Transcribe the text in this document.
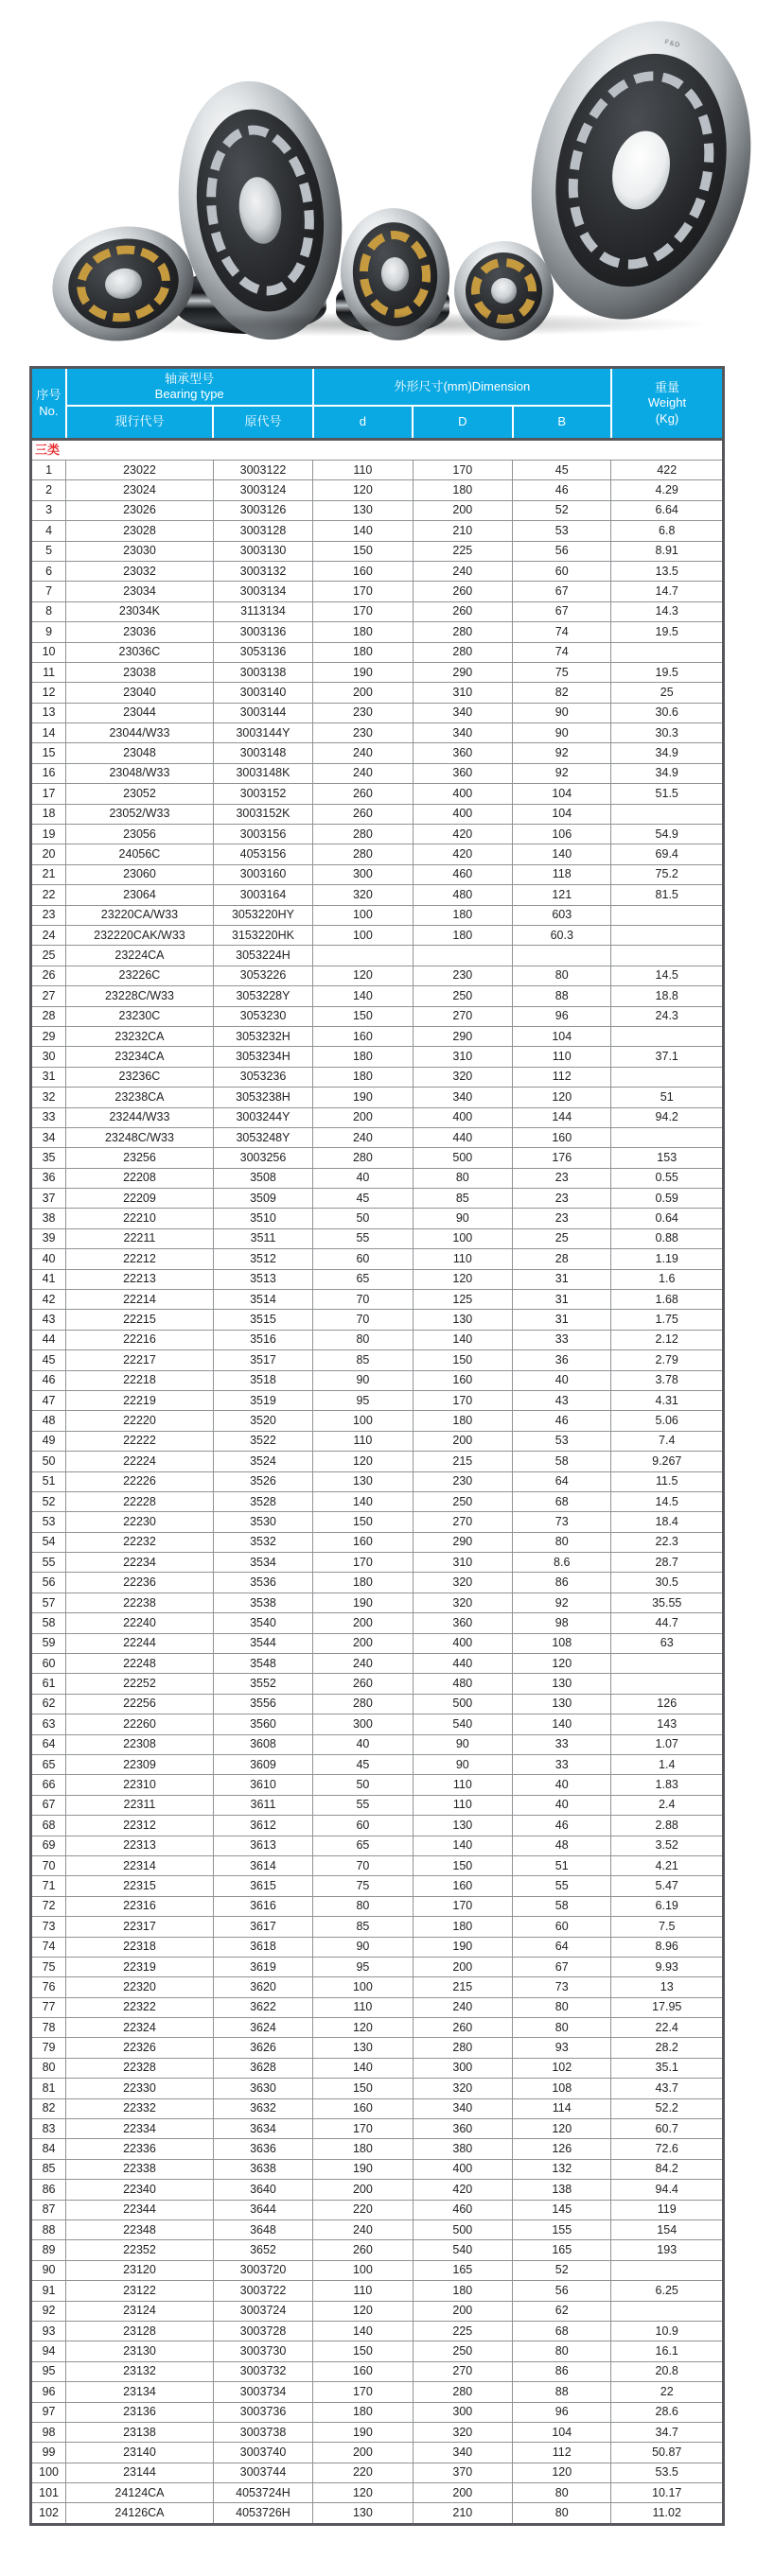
F&D
序号
No.	轴承型号
Bearing type		外形尺寸(mm)Dimension			重量
Weight
(Kg)

	现行代号	原代号	d	D	B	
三类						
1	23022	3003122	110	170	45	422
2	23024	3003124	120	180	46	4.29
3	23026	3003126	130	200	52	6.64
4	23028	3003128	140	210	53	6.8
5	23030	3003130	150	225	56	8.91
6	23032	3003132	160	240	60	13.5
7	23034	3003134	170	260	67	14.7
8	23034K	3113134	170	260	67	14.3
9	23036	3003136	180	280	74	19.5
10	23036C	3053136	180	280	74	
11	23038	3003138	190	290	75	19.5
12	23040	3003140	200	310	82	25
13	23044	3003144	230	340	90	30.6
14	23044/W33	3003144Y	230	340	90	30.3
15	23048	3003148	240	360	92	34.9
16	23048/W33	3003148K	240	360	92	34.9
17	23052	3003152	260	400	104	51.5
18	23052/W33	3003152K	260	400	104	
19	23056	3003156	280	420	106	54.9
20	24056C	4053156	280	420	140	69.4
21	23060	3003160	300	460	118	75.2
22	23064	3003164	320	480	121	81.5
23	23220CA/W33	3053220HY	100	180	603	
24	232220CAK/W33	3153220HK	100	180	60.3	
25	23224CA	3053224H				
26	23226C	3053226	120	230	80	14.5
27	23228C/W33	3053228Y	140	250	88	18.8
28	23230C	3053230	150	270	96	24.3
29	23232CA	3053232H	160	290	104	
30	23234CA	3053234H	180	310	110	37.1
31	23236C	3053236	180	320	112	
32	23238CA	3053238H	190	340	120	51
33	23244/W33	3003244Y	200	400	144	94.2
34	23248C/W33	3053248Y	240	440	160	
35	23256	3003256	280	500	176	153
36	22208	3508	40	80	23	0.55
37	22209	3509	45	85	23	0.59
38	22210	3510	50	90	23	0.64
39	22211	3511	55	100	25	0.88
40	22212	3512	60	110	28	1.19
41	22213	3513	65	120	31	1.6
42	22214	3514	70	125	31	1.68
43	22215	3515	70	130	31	1.75
44	22216	3516	80	140	33	2.12
45	22217	3517	85	150	36	2.79
46	22218	3518	90	160	40	3.78
47	22219	3519	95	170	43	4.31
48	22220	3520	100	180	46	5.06
49	22222	3522	110	200	53	7.4
50	22224	3524	120	215	58	9.267
51	22226	3526	130	230	64	11.5
52	22228	3528	140	250	68	14.5
53	22230	3530	150	270	73	18.4
54	22232	3532	160	290	80	22.3
55	22234	3534	170	310	8.6	28.7
56	22236	3536	180	320	86	30.5
57	22238	3538	190	320	92	35.55
58	22240	3540	200	360	98	44.7
59	22244	3544	200	400	108	63
60	22248	3548	240	440	120	
61	22252	3552	260	480	130	
62	22256	3556	280	500	130	126
63	22260	3560	300	540	140	143
64	22308	3608	40	90	33	1.07
65	22309	3609	45	90	33	1.4
66	22310	3610	50	110	40	1.83
67	22311	3611	55	110	40	2.4
68	22312	3612	60	130	46	2.88
69	22313	3613	65	140	48	3.52
70	22314	3614	70	150	51	4.21
71	22315	3615	75	160	55	5.47
72	22316	3616	80	170	58	6.19
73	22317	3617	85	180	60	7.5
74	22318	3618	90	190	64	8.96
75	22319	3619	95	200	67	9.93
76	22320	3620	100	215	73	13
77	22322	3622	110	240	80	17.95
78	22324	3624	120	260	80	22.4
79	22326	3626	130	280	93	28.2
80	22328	3628	140	300	102	35.1
81	22330	3630	150	320	108	43.7
82	22332	3632	160	340	114	52.2
83	22334	3634	170	360	120	60.7
84	22336	3636	180	380	126	72.6
85	22338	3638	190	400	132	84.2
86	22340	3640	200	420	138	94.4
87	22344	3644	220	460	145	119
88	22348	3648	240	500	155	154
89	22352	3652	260	540	165	193
90	23120	3003720	100	165	52	
91	23122	3003722	110	180	56	6.25
92	23124	3003724	120	200	62	
93	23128	3003728	140	225	68	10.9
94	23130	3003730	150	250	80	16.1
95	23132	3003732	160	270	86	20.8
96	23134	3003734	170	280	88	22
97	23136	3003736	180	300	96	28.6
98	23138	3003738	190	320	104	34.7
99	23140	3003740	200	340	112	50.87
100	23144	3003744	220	370	120	53.5
101	24124CA	4053724H	120	200	80	10.17
102	24126CA	4053726H	130	210	80	11.02
